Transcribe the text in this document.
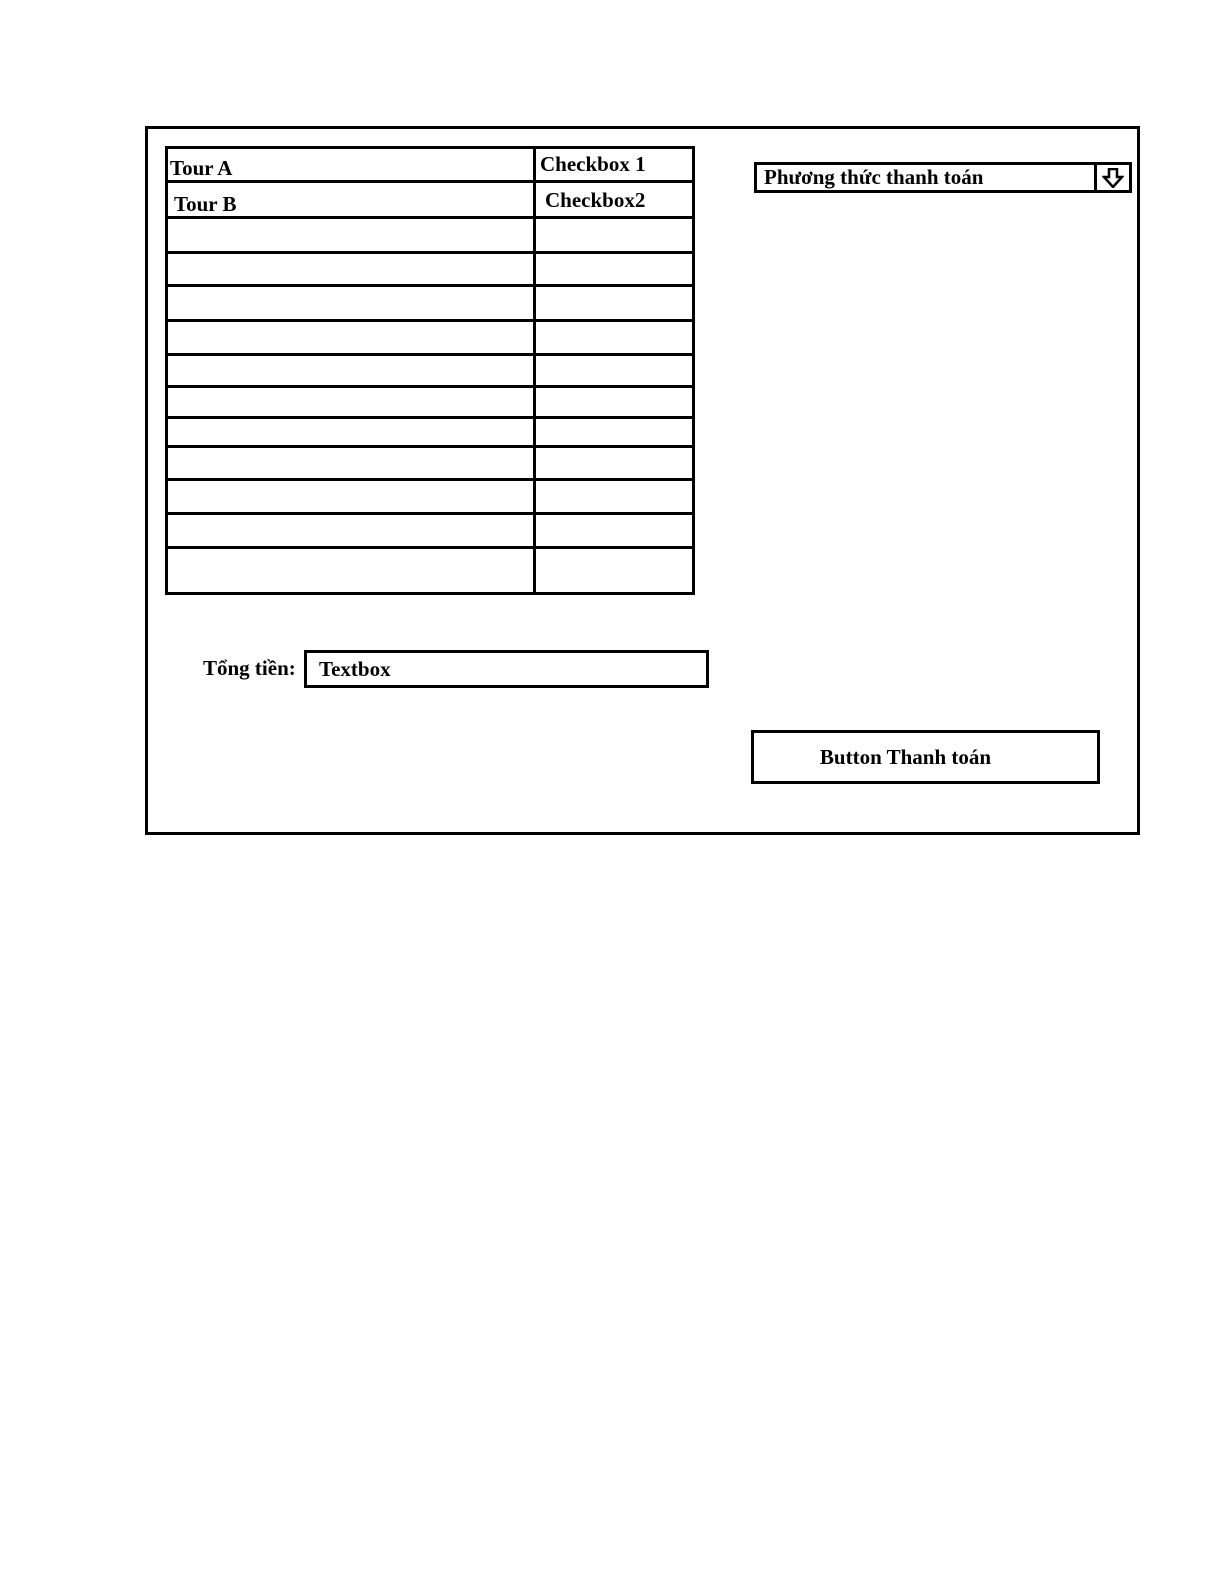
Tour A	Checkbox 1
Tour B	Checkbox2
Tổng tiền:
Textbox
Phương thức thanh toán
Button Thanh toán
